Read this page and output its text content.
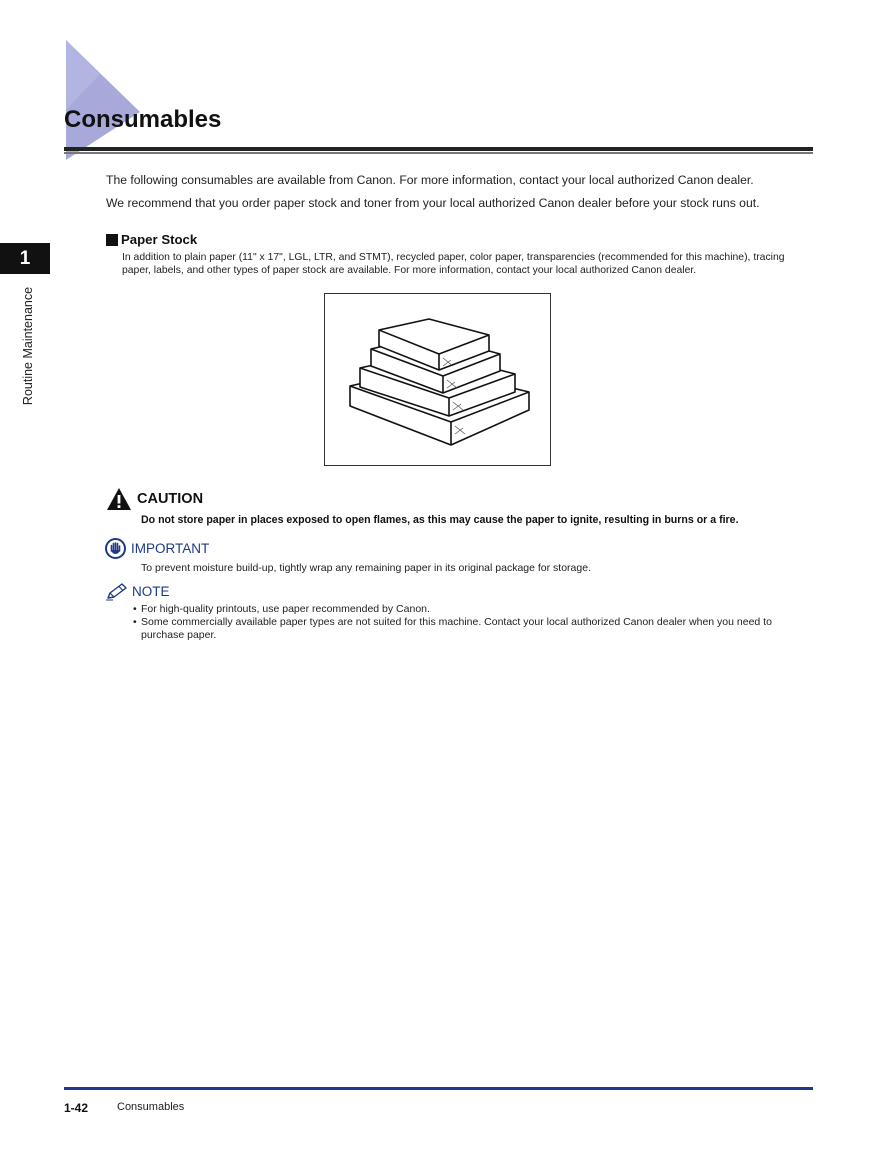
Consumables
1
Routine Maintenance

The following consumables are available from Canon. For more information, contact your local authorized Canon dealer.

We recommend that you order paper stock and toner from your local authorized Canon dealer before your stock runs out.

Paper Stock

In addition to plain paper (11" x 17", LGL, LTR, and STMT), recycled paper, color paper, transparencies (recommended for this machine), tracing paper, labels, and other types of paper stock are available. For more information, contact your local authorized Canon dealer.

CAUTION

Do not store paper in places exposed to open flames, as this may cause the paper to ignite, resulting in burns or a fire.

IMPORTANT

To prevent moisture build-up, tightly wrap any remaining paper in its original package for storage.

NOTE
• For high-quality printouts, use paper recommended by Canon.
• Some commercially available paper types are not suited for this machine. Contact your local authorized Canon dealer when you need to purchase paper.
1-42	Consumables
